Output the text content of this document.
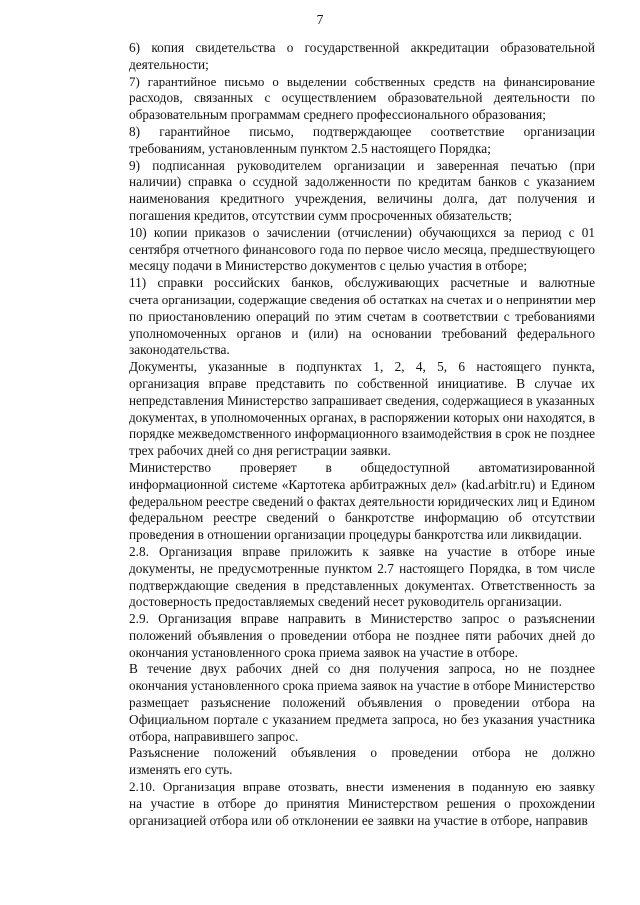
7
6) копия свидетельства о государственной аккредитации образовательной
деятельности;
7) гарантийное письмо о выделении собственных средств на финансирование
расходов, связанных с осуществлением образовательной деятельности по
образовательным программам среднего профессионального образования;
8) гарантийное письмо, подтверждающее соответствие организации
требованиям, установленным пунктом 2.5 настоящего Порядка;
9) подписанная руководителем организации и заверенная печатью (при
наличии) справка о ссудной задолженности по кредитам банков с указанием
наименования кредитного учреждения, величины долга, дат получения и
погашения кредитов, отсутствии сумм просроченных обязательств;
10) копии приказов о зачислении (отчислении) обучающихся за период с 01
сентября отчетного финансового года по первое число месяца, предшествующего
месяцу подачи в Министерство документов с целью участия в отборе;
11) справки российских банков, обслуживающих расчетные и валютные
счета организации, содержащие сведения об остатках на счетах и о непринятии мер
по приостановлению операций по этим счетам в соответствии с требованиями
уполномоченных органов и (или) на основании требований федерального
законодательства.
Документы, указанные в подпунктах 1, 2, 4, 5, 6 настоящего пункта,
организация вправе представить по собственной инициативе. В случае их
непредставления Министерство запрашивает сведения, содержащиеся в указанных
документах, в уполномоченных органах, в распоряжении которых они находятся, в
порядке межведомственного информационного взаимодействия в срок не позднее
трех рабочих дней со дня регистрации заявки.
Министерство проверяет в общедоступной автоматизированной
информационной системе «Картотека арбитражных дел» (kad.arbitr.ru) и Едином
федеральном реестре сведений о фактах деятельности юридических лиц и Едином
федеральном реестре сведений о банкротстве информацию об отсутствии
проведения в отношении организации процедуры банкротства или ликвидации.
2.8. Организация вправе приложить к заявке на участие в отборе иные
документы, не предусмотренные пунктом 2.7 настоящего Порядка, в том числе
подтверждающие сведения в представленных документах. Ответственность за
достоверность предоставляемых сведений несет руководитель организации.
2.9. Организация вправе направить в Министерство запрос о разъяснении
положений объявления о проведении отбора не позднее пяти рабочих дней до
окончания установленного срока приема заявок на участие в отборе.
В течение двух рабочих дней со дня получения запроса, но не позднее
окончания установленного срока приема заявок на участие в отборе Министерство
размещает разъяснение положений объявления о проведении отбора на
Официальном портале с указанием предмета запроса, но без указания участника
отбора, направившего запрос.
Разъяснение положений объявления о проведении отбора не должно
изменять его суть.
2.10. Организация вправе отозвать, внести изменения в поданную ею заявку
на участие в отборе до принятия Министерством решения о прохождении
организацией отбора или об отклонении ее заявки на участие в отборе, направив
